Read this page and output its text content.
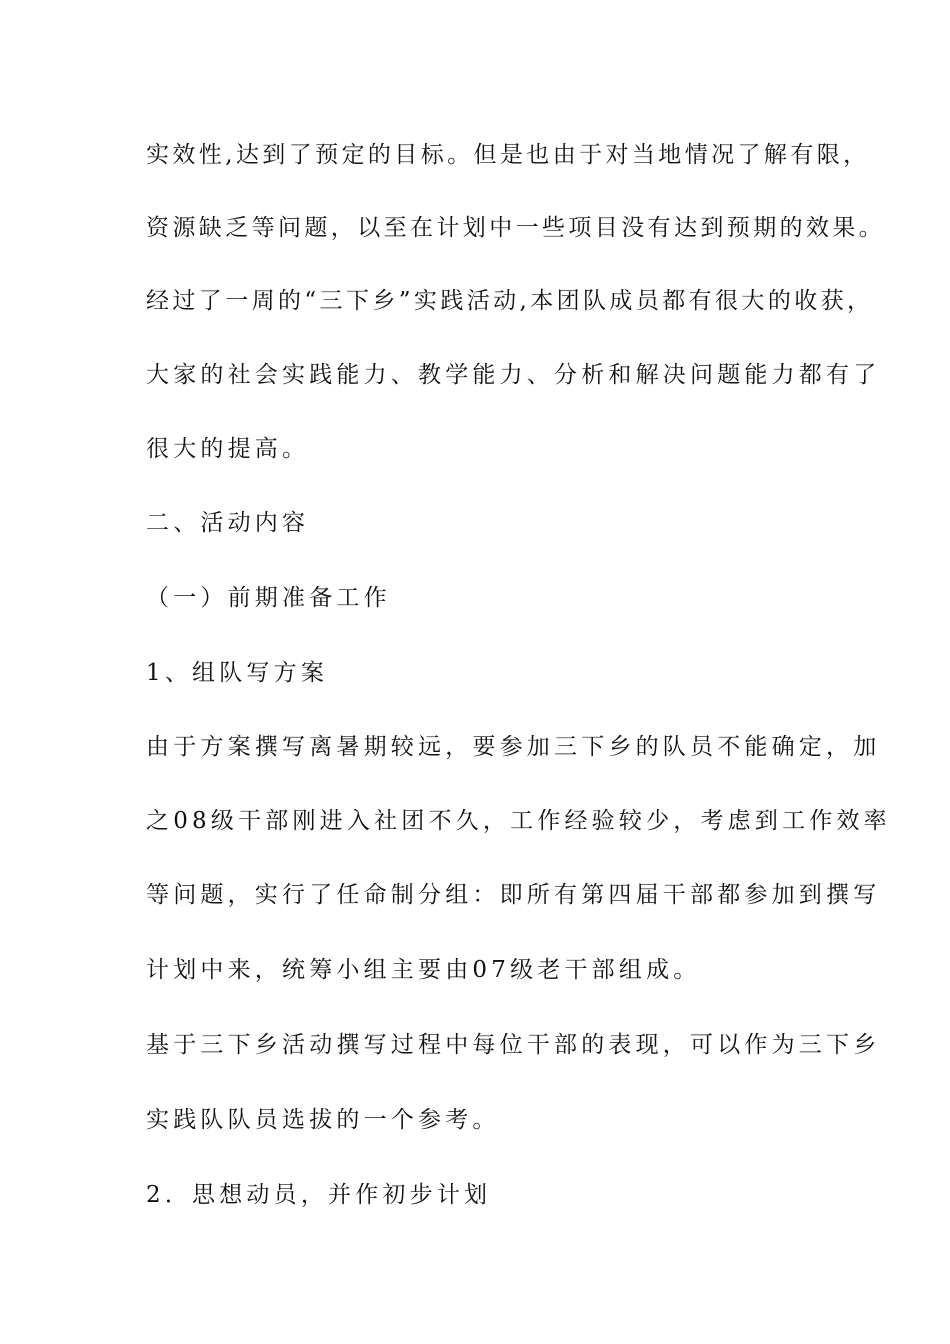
实效性,达到了预定的目标。但是也由于对当地情况了解有限，
资源缺乏等问题，以至在计划中一些项目没有达到预期的效果。
经过了一周的“三下乡”实践活动,本团队成员都有很大的收获，
大家的社会实践能力、教学能力、分析和解决问题能力都有了
很大的提高。
二、活动内容
（一）前期准备工作
1、组队写方案
由于方案撰写离暑期较远，要参加三下乡的队员不能确定，加
之08级干部刚进入社团不久，工作经验较少，考虑到工作效率
等问题，实行了任命制分组：即所有第四届干部都参加到撰写
计划中来，统筹小组主要由07级老干部组成。
基于三下乡活动撰写过程中每位干部的表现，可以作为三下乡
实践队队员选拔的一个参考。
2．思想动员，并作初步计划
